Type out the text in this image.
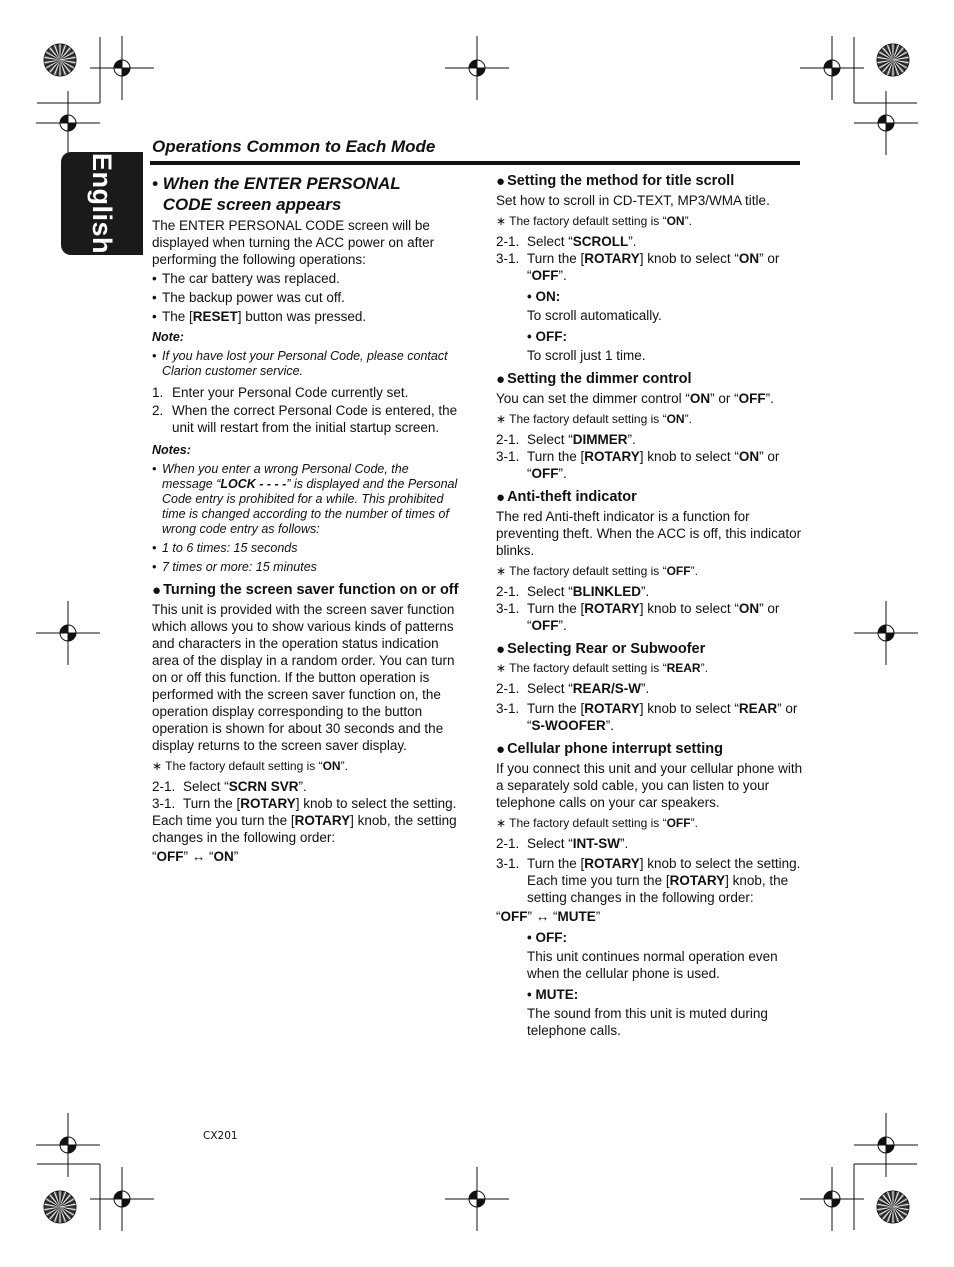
English
Operations Common to Each Mode
• When the ENTER PERSONAL CODE screen appears

The ENTER PERSONAL CODE screen will be displayed when turning the ACC power on after performing the following operations:

• The car battery was replaced.
• The backup power was cut off.
• The [RESET] button was pressed.
Note:
• If you have lost your Personal Code, please contact Clarion customer service.
1. Enter your Personal Code currently set.
2. When the correct Personal Code is entered, the unit will restart from the initial startup screen.
Notes:
• When you enter a wrong Personal Code, the message “LOCK - - - -” is displayed and the Personal Code entry is prohibited for a while. This prohibited time is changed according to the number of times of wrong code entry as follows:
• 1 to 6 times: 15 seconds
• 7 times or more: 15 minutes
● Turning the screen saver function on or off

This unit is provided with the screen saver function which allows you to show various kinds of patterns and characters in the operation status indication area of the display in a random order. You can turn on or off this function. If the button operation is performed with the screen saver function on, the operation display corresponding to the button operation is shown for about 30 seconds and the display returns to the screen saver display.

∗ The factory default setting is “ON”.
2-1. Select “SCRN SVR”.
3-1. Turn the [ROTARY] knob to select the setting.

Each time you turn the [ROTARY] knob, the setting changes in the following order:

“OFF” ↔ “ON”

● Setting the method for title scroll

Set how to scroll in CD-TEXT, MP3/WMA title.

∗ The factory default setting is “ON”.
2-1. Select “SCROLL”.
3-1. Turn the [ROTARY] knob to select “ON” or “OFF”.
• ON:
To scroll automatically.
• OFF:
To scroll just 1 time.
● Setting the dimmer control

You can set the dimmer control “ON” or “OFF”.

∗ The factory default setting is “ON”.
2-1. Select “DIMMER”.
3-1. Turn the [ROTARY] knob to select “ON” or “OFF”.
● Anti-theft indicator

The red Anti-theft indicator is a function for preventing theft. When the ACC is off, this indicator blinks.

∗ The factory default setting is “OFF”.
2-1. Select “BLINKLED”.
3-1. Turn the [ROTARY] knob to select “ON” or “OFF”.
● Selecting Rear or Subwoofer
∗ The factory default setting is “REAR”.
2-1. Select “REAR/S-W”.
3-1. Turn the [ROTARY] knob to select “REAR” or “S-WOOFER”.
● Cellular phone interrupt setting

If you connect this unit and your cellular phone with a separately sold cable, you can listen to your telephone calls on your car speakers.

∗ The factory default setting is “OFF”.
2-1. Select “INT-SW”.
3-1. Turn the [ROTARY] knob to select the setting. Each time you turn the [ROTARY] knob, the setting changes in the following order:

“OFF” ↔ “MUTE”

• OFF:
This unit continues normal operation even when the cellular phone is used.
• MUTE:
The sound from this unit is muted during telephone calls.
CX201
